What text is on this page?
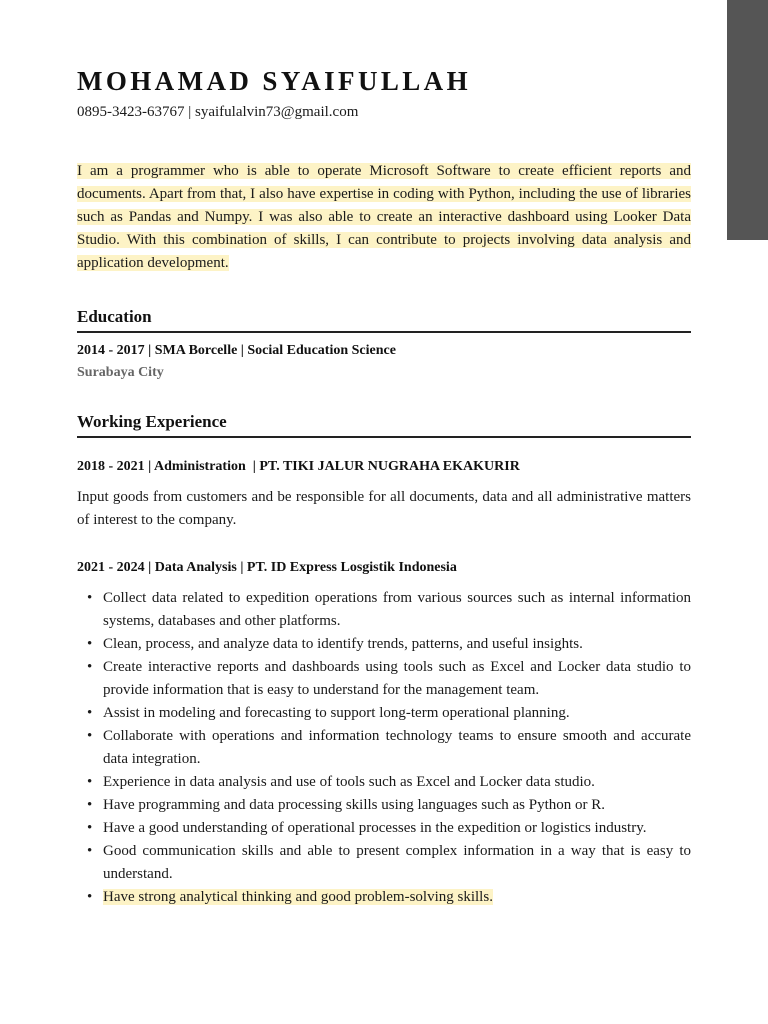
MOHAMAD SYAIFULLAH
0895-3423-63767 | syaifulalvin73@gmail.com
I am a programmer who is able to operate Microsoft Software to create efficient reports and documents. Apart from that, I also have expertise in coding with Python, including the use of libraries such as Pandas and Numpy. I was also able to create an interactive dashboard using Looker Data Studio. With this combination of skills, I can contribute to projects involving data analysis and application development.
Education
2014 - 2017 | SMA Borcelle | Social Education Science
Surabaya City
Working Experience
2018 - 2021 | Administration  | PT. TIKI JALUR NUGRAHA EKAKURIR
Input goods from customers and be responsible for all documents, data and all administrative matters of interest to the company.
2021 - 2024 | Data Analysis | PT. ID Express Losgistik Indonesia
• Collect data related to expedition operations from various sources such as internal information systems, databases and other platforms.
• Clean, process, and analyze data to identify trends, patterns, and useful insights.
• Create interactive reports and dashboards using tools such as Excel and Locker data studio to provide information that is easy to understand for the management team.
• Assist in modeling and forecasting to support long-term operational planning.
• Collaborate with operations and information technology teams to ensure smooth and accurate data integration.
• Experience in data analysis and use of tools such as Excel and Locker data studio.
• Have programming and data processing skills using languages such as Python or R.
• Have a good understanding of operational processes in the expedition or logistics industry.
• Good communication skills and able to present complex information in a way that is easy to understand.
• Have strong analytical thinking and good problem-solving skills.
